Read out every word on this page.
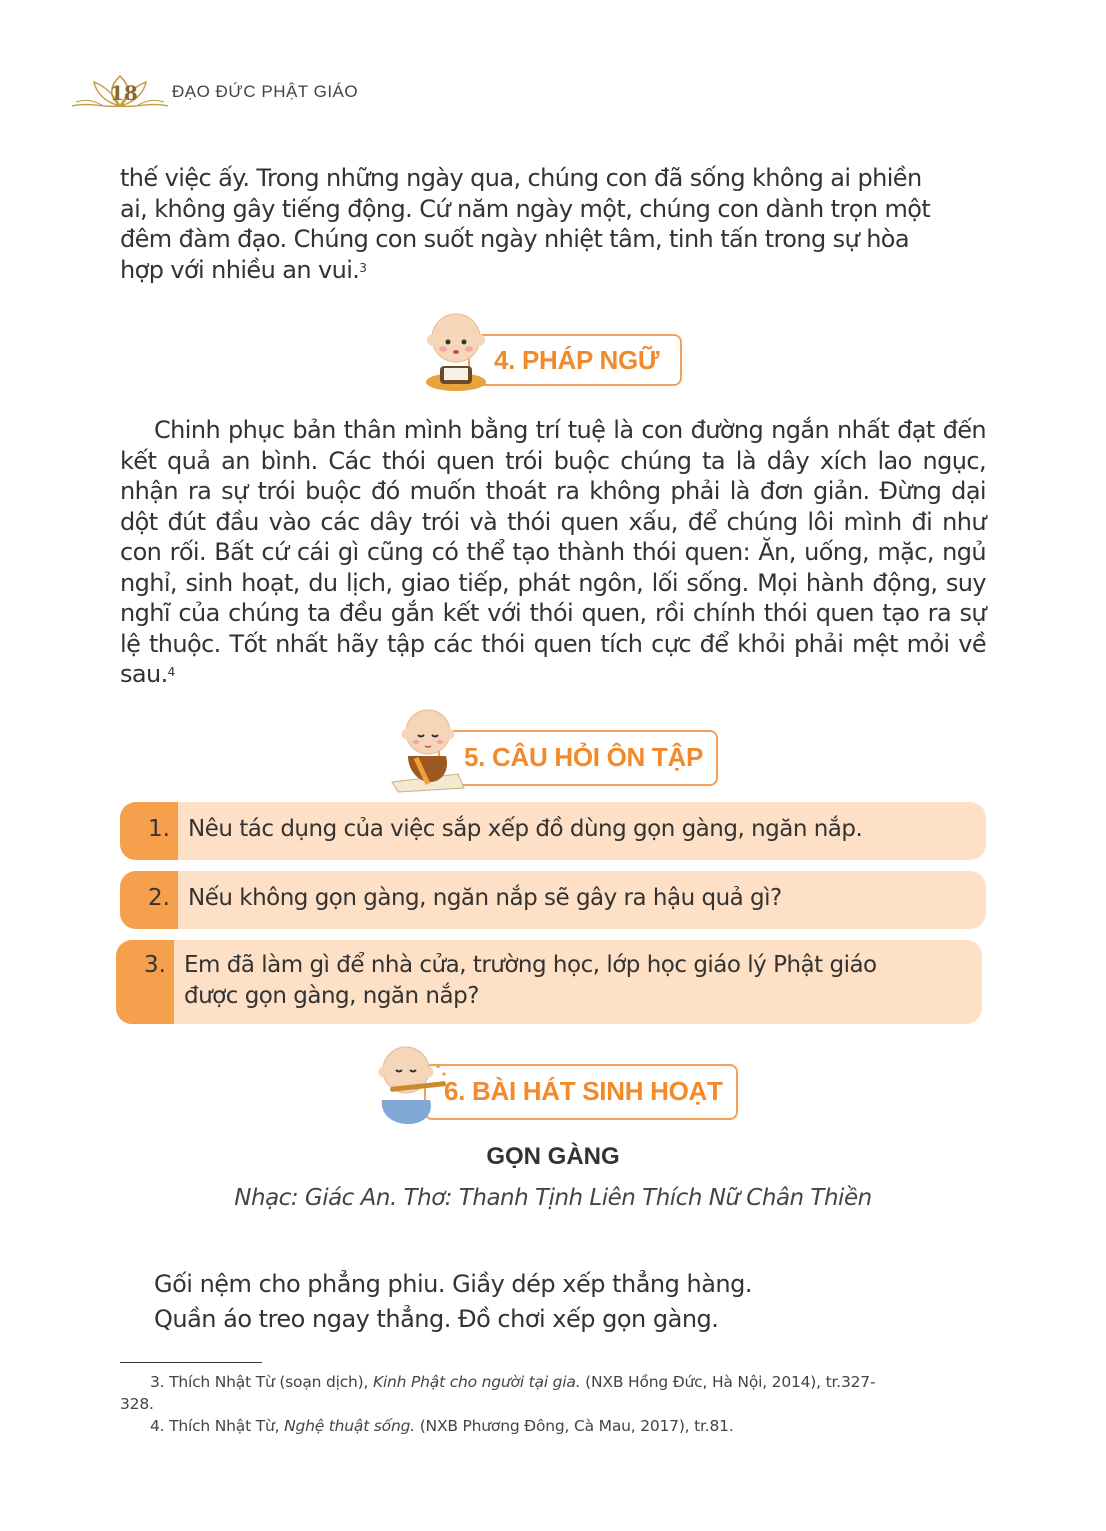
18 ĐẠO ĐỨC PHẬT GIÁO
thế việc ấy. Trong những ngày qua, chúng con đã sống không ai phiền
ai, không gây tiếng động. Cứ năm ngày một, chúng con dành trọn một
đêm đàm đạo. Chúng con suốt ngày nhiệt tâm, tinh tấn trong sự hòa
hợp với nhiều an vui.$^3$
4. PHÁP NGỮ
Chinh phục bản thân mình bằng trí tuệ là con đường ngắn nhất đạt đến kết quả an bình. Các thói quen trói buộc chúng ta là dây xích lao ngục, nhận ra sự trói buộc đó muốn thoát ra không phải là đơn giản. Đừng dại dột đút đầu vào các dây trói và thói quen xấu, để chúng lôi mình đi như con rối. Bất cứ cái gì cũng có thể tạo thành thói quen: Ăn, uống, mặc, ngủ nghỉ, sinh hoạt, du lịch, giao tiếp, phát ngôn, lối sống. Mọi hành động, suy nghĩ của chúng ta đều gắn kết với thói quen, rồi chính thói quen tạo ra sự lệ thuộc. Tốt nhất hãy tập các thói quen tích cực để khỏi phải mệt mỏi về sau.$^4$
5. CÂU HỎI ÔN TẬP
1. Nêu tác dụng của việc sắp xếp đồ dùng gọn gàng, ngăn nắp.
2. Nếu không gọn gàng, ngăn nắp sẽ gây ra hậu quả gì?
3. Em đã làm gì để nhà cửa, trường học, lớp học giáo lý Phật giáo
được gọn gàng, ngăn nắp?
6. BÀI HÁT SINH HOẠT
GỌN GÀNG
Nhạc: Giác An. Thơ: Thanh Tịnh Liên Thích Nữ Chân Thiền
Gối nệm cho phẳng phiu. Giầy dép xếp thẳng hàng.
Quần áo treo ngay thẳng. Đồ chơi xếp gọn gàng.
3. Thích Nhật Từ (soạn dịch), Kinh Phật cho người tại gia. (NXB Hồng Đức, Hà Nội, 2014), tr.327-
328.
4. Thích Nhật Từ, Nghệ thuật sống. (NXB Phương Đông, Cà Mau, 2017), tr.81.
